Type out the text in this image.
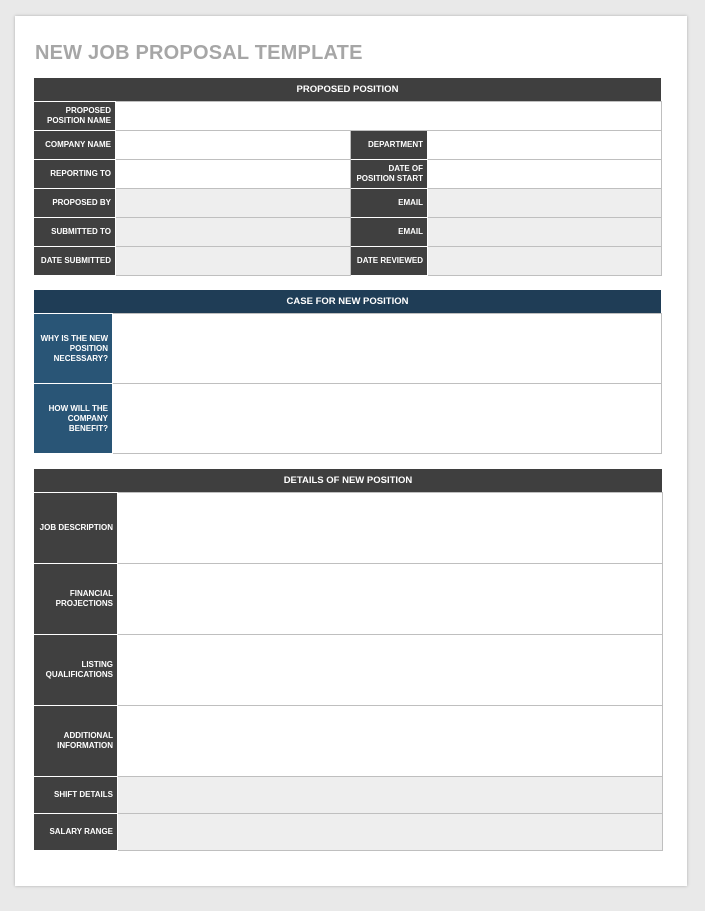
NEW JOB PROPOSAL TEMPLATE
PROPOSED POSITION
PROPOSED POSITION NAME			
COMPANY NAME		DEPARTMENT	
REPORTING TO		DATE OF POSITION START	
PROPOSED BY		EMAIL	
SUBMITTED TO		EMAIL	
DATE SUBMITTED		DATE REVIEWED	
CASE FOR NEW POSITION
WHY IS THE NEW POSITION NECESSARY?	
HOW WILL THE COMPANY BENEFIT?	
DETAILS OF NEW POSITION
JOB DESCRIPTION	
FINANCIAL PROJECTIONS	
LISTING QUALIFICATIONS	
ADDITIONAL INFORMATION	
SHIFT DETAILS	
SALARY RANGE	
